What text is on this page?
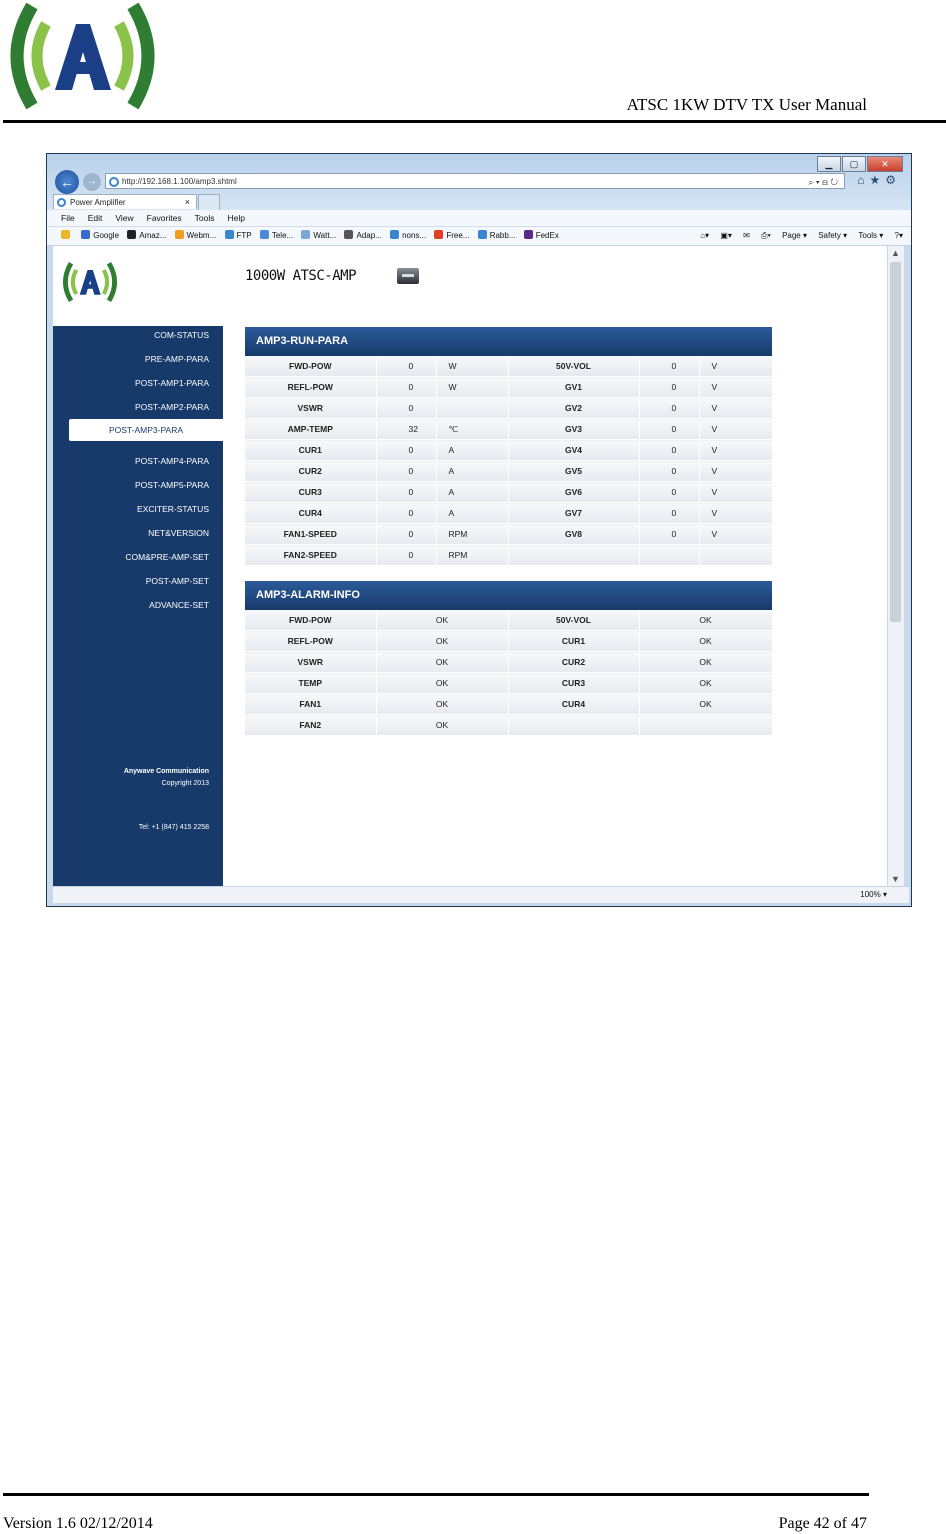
ATSC 1KW DTV TX User Manual
▁	▢	✕
←	→	http://192.168.1.100/amp3.shtml	⌕ ▾ ⊟ ↻ ⌂★⚙
Power Amplifier	×
File Edit View Favorites Tools Help
Google	Amaz...	Webm...	FTP	Tele...	Watt...	Adap...	nons...	Free...	Rabb...	FedEx	⌂▾ ▣▾ ✉ ⎙▾ Page ▾ Safety ▾ Tools ▾ ?▾
1000W ATSC-AMP
COM-STATUS
PRE-AMP-PARA
POST-AMP1-PARA
POST-AMP2-PARA
POST-AMP3-PARA
POST-AMP4-PARA
POST-AMP5-PARA
EXCITER-STATUS
NET&VERSION
COM&PRE-AMP-SET
POST-AMP-SET
ADVANCE-SET
Anywave Communication
Copyright 2013
Tel: +1 (847) 415 2258
AMP3-RUN-PARA
FWD-POW	0	W	50V-VOL	0	V
REFL-POW	0	W	GV1	0	V
VSWR	0		GV2	0	V
AMP-TEMP	32	℃	GV3	0	V
CUR1	0	A	GV4	0	V
CUR2	0	A	GV5	0	V
CUR3	0	A	GV6	0	V
CUR4	0	A	GV7	0	V
FAN1-SPEED	0	RPM	GV8	0	V
FAN2-SPEED	0	RPM			
AMP3-ALARM-INFO
FWD-POW	OK	50V-VOL	OK
REFL-POW	OK	CUR1	OK
VSWR	OK	CUR2	OK
TEMP	OK	CUR3	OK
FAN1	OK	CUR4	OK
FAN2	OK		
▲
▼
100% ▾
Version 1.6 02/12/2014	Page 42 of 47
